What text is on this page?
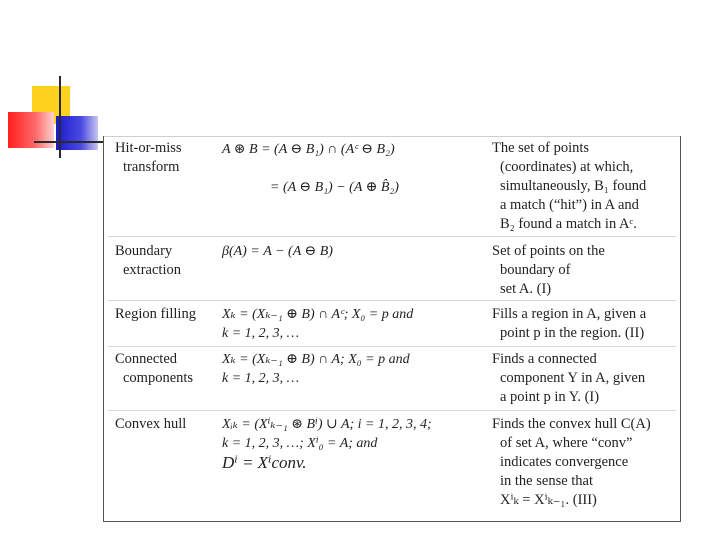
Hit-or-miss
transform
A ⊛ B = (A ⊖ B₁) ∩ (Aᶜ ⊖ B₂)
= (A ⊖ B₁) − (A ⊕ B̂₂)
The set of points
(coordinates) at which,
simultaneously, B₁ found
a match (“hit”) in A and
B₂ found a match in Aᶜ.
Boundary
extraction
β(A) = A − (A ⊖ B)	Set of points on the
boundary of
set A. (I)
Region filling Xₖ = (Xₖ₋₁ ⊕ B) ∩ Aᶜ; X₀ = p and
k = 1, 2, 3, …
Fills a region in A, given a
point p in the region. (II)
Connected
components
Xₖ = (Xₖ₋₁ ⊕ B) ∩ A; X₀ = p and
k = 1, 2, 3, …
Finds a connected
component Y in A, given
a point p in Y. (I)
Convex hull	Xᵢₖ = (Xⁱₖ₋₁ ⊛ Bⁱ) ∪ A; i = 1, 2, 3, 4;
k = 1, 2, 3, …; Xⁱ₀ = A; and
Dⁱ = Xⁱconv.
Finds the convex hull C(A)
of set A, where “conv”
indicates convergence
in the sense that
Xⁱₖ = Xⁱₖ₋₁. (III)
